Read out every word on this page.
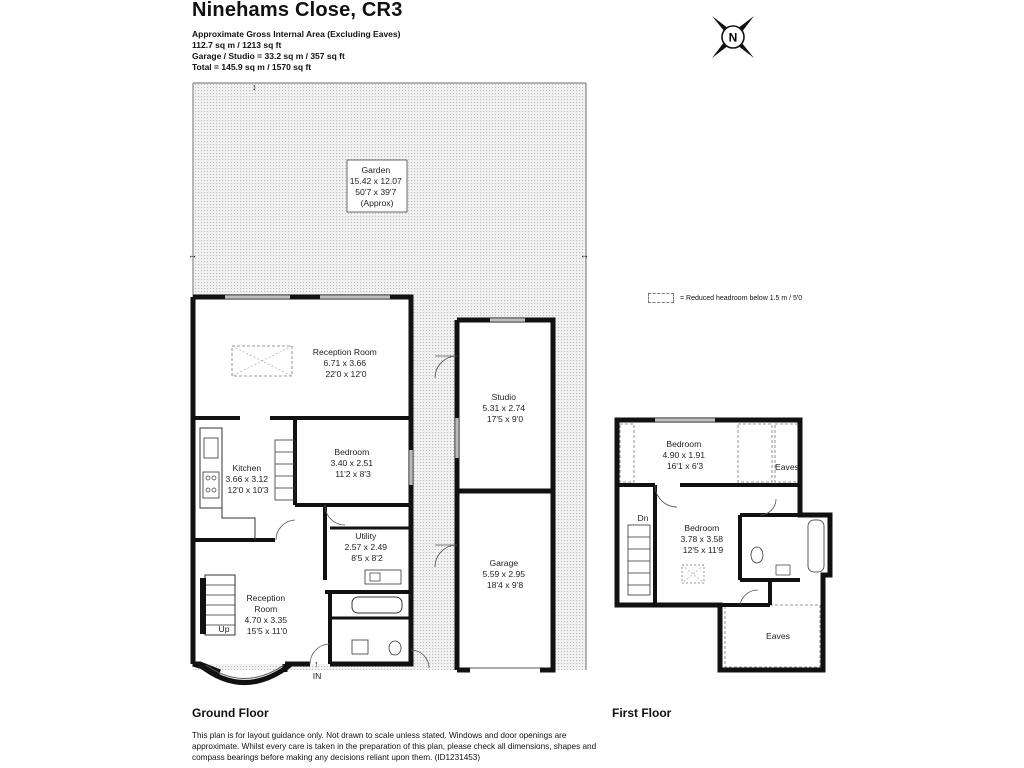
Ninehams Close, CR3
Approximate Gross Internal Area (Excluding Eaves)
112.7 sq m / 1213 sq ft
Garage / Studio = 33.2 sq m / 357 sq ft
Total = 145.9 sq m / 1570 sq ft
N
= Reduced headroom below 1.5 m / 5'0
Garden 15.42 x 12.07 50'7 x 39'7 (Approx)
↕
↔	↔
Reception Room 6.71 x 3.66 22'0 x 12'0
Kitchen 3.66 x 3.12 12'0 x 10'3
Bedroom 3.40 x 2.51 11'2 x 8'3
Utility 2.57 x 2.49 8'5 x 8'2
Reception Room 4.70 x 3.35 15'5 x 11'0
Up
IN
↑
Studio 5.31 x 2.74 17'5 x 9'0
Garage 5.59 x 2.95 18'4 x 9'8
Bedroom 4.90 x 1.91 16'1 x 6'3
Bedroom 3.78 x 3.58 12'5 x 11'9
Dn
Eaves
Eaves
Ground Floor	First Floor
This plan is for layout guidance only. Not drawn to scale unless stated. Windows and door openings are approximate. Whilst every care is taken in the preparation of this plan, please check all dimensions, shapes and compass bearings before making any decisions reliant upon them. (ID1231453)
